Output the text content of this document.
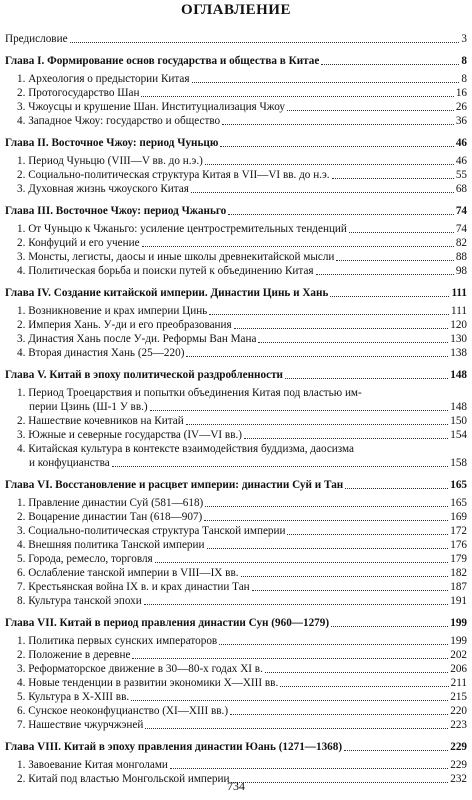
ОГЛАВЛЕНИЕ
Предисловие	3
Глава I. Формирование основ государства и общества в Китае	8
1. Археология о предыстории Китая	8
2. Протогосударство Шан	16
3. Чжоусцы и крушение Шан. Институциализация Чжоу	26
4. Западное Чжоу: государство и общество	36
Глава II. Восточное Чжоу: период Чуньцю	46
1. Период Чуньцю (VIII—V вв. до н.э.)	46
2. Социально-политическая структура Китая в VII—VI вв. до н.э.	55
3. Духовная жизнь чжоуского Китая	68
Глава III. Восточное Чжоу: период Чжаньго	74
1. От Чуньцю к Чжаньго: усиление центростремительных тенденций	74
2. Конфуций и его учение	82
3. Монсты, легисты, даосы и иные школы древнекитайской мысли	88
4. Политическая борьба и поиски путей к объединению Китая	98
Глава IV. Создание китайской империи. Династии Цинь и Хань	111
1. Возникновение и крах империи Цинь	111
2. Империя Хань. У-ди и его преобразования	120
3. Династия Хань после У-ди. Реформы Ван Мана	130
4. Вторая династия Хань (25—220)	138
Глава V. Китай в эпоху политической раздробленности	148
1. Период Троецарствия и попытки объединения Китая под властью им-
перии Цзинь (Ш-1 У вв.)	148
2. Нашествие кочевников на Китай	150
3. Южные и северные государства (IV—VI вв.)	154
4. Китайская культура в контексте взаимодействия буддизма, даосизма
и конфуцианства	158
Глава VI. Восстановление и расцвет империи: династии Суй и Тан	165
1. Правление династии Суй (581—618)	165
2. Воцарение династии Тан (618—907)	169
3. Социально-политическая структура Танской империи	172
4. Внешняя политика Танской империи	176
5. Города, ремесло, торговля	179
6. Ослабление танской империи в VIII—IX вв.	182
7. Крестьянская война IX в. и крах династии Тан	187
8. Культура танской эпохи	191
Глава VII. Китай в период правления династии Сун (960—1279)	199
1. Политика первых сунских императоров	199
2. Положение в деревне	202
3. Реформаторское движение в 30—80-х годах XI в.	206
4. Новые тенденции в развитии экономики X—XIII вв.	211
5. Культура в X-XIII вв.	215
6. Сунское неоконфуцианство (XI—XIII вв.)	220
7. Нашествие чжурчжэней	223
Глава VIII. Китай в эпоху правления династии Юань (1271—1368)	229
1. Завоевание Китая монголами	229
2. Китай под властью Монгольской империи	232
734
